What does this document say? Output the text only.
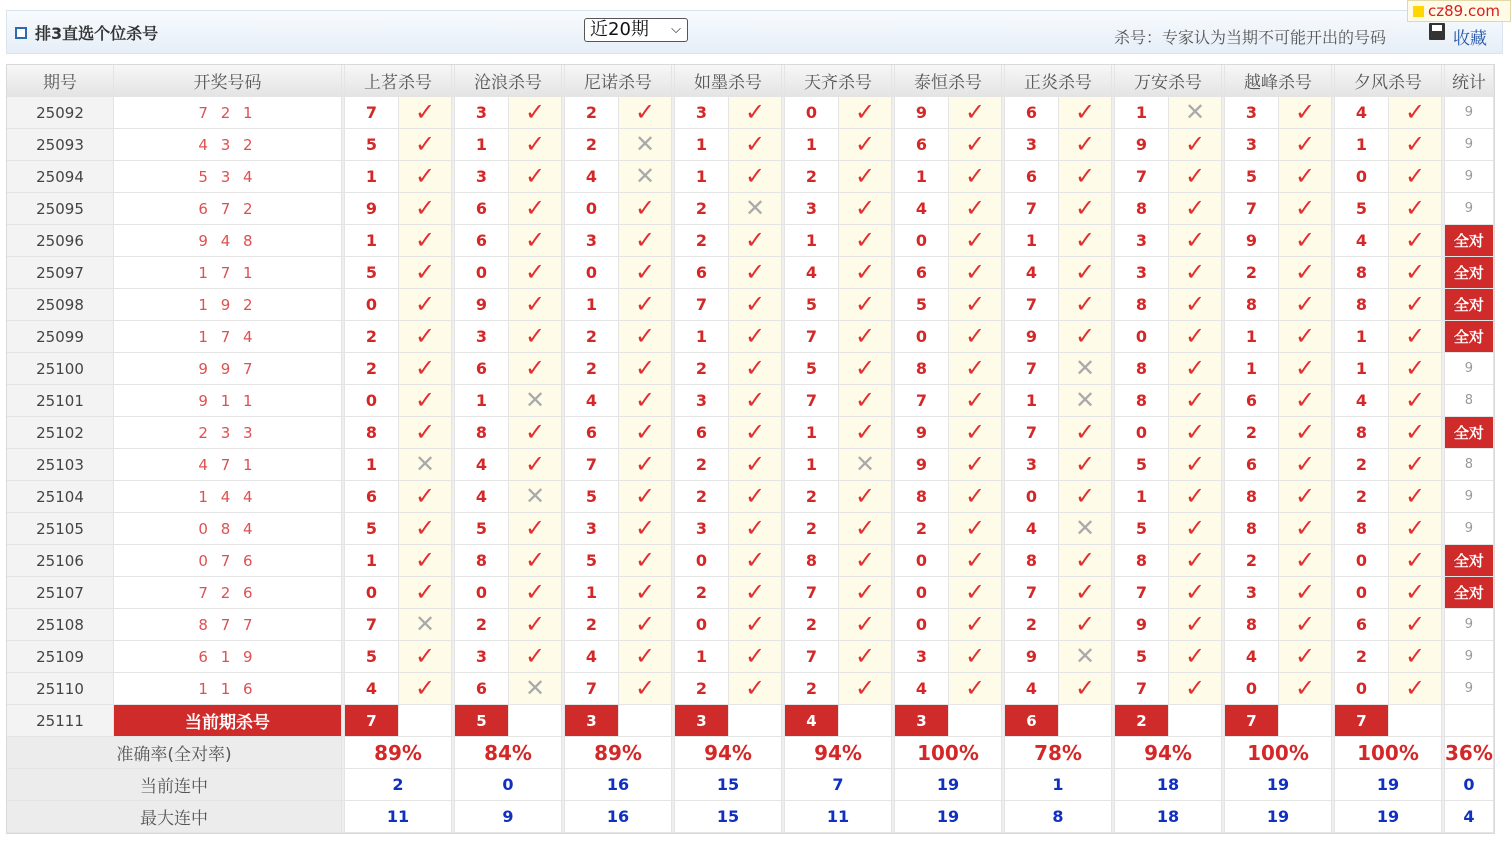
排3直选个位杀号	近20期 ⌵	杀号：专家认为当期不可能开出的号码	收藏
cz89.com
期号	开奖号码		上茗杀号			沧浪杀号			尼诺杀号			如墨杀号			天齐杀号			泰恒杀号			正炎杀号			万安杀号			越峰杀号			夕风杀号			统计
25092	7 2 1		7	✓		3	✓		2	✓		3	✓		0	✓		9	✓		6	✓		1	✕		3	✓		4	✓		9
25093	4 3 2		5	✓		1	✓		2	✕		1	✓		1	✓		6	✓		3	✓		9	✓		3	✓		1	✓		9
25094	5 3 4		1	✓		3	✓		4	✕		1	✓		2	✓		1	✓		6	✓		7	✓		5	✓		0	✓		9
25095	6 7 2		9	✓		6	✓		0	✓		2	✕		3	✓		4	✓		7	✓		8	✓		7	✓		5	✓		9
25096	9 4 8		1	✓		6	✓		3	✓		2	✓		1	✓		0	✓		1	✓		3	✓		9	✓		4	✓		全对
25097	1 7 1		5	✓		0	✓		0	✓		6	✓		4	✓		6	✓		4	✓		3	✓		2	✓		8	✓		全对
25098	1 9 2		0	✓		9	✓		1	✓		7	✓		5	✓		5	✓		7	✓		8	✓		8	✓		8	✓		全对
25099	1 7 4		2	✓		3	✓		2	✓		1	✓		7	✓		0	✓		9	✓		0	✓		1	✓		1	✓		全对
25100	9 9 7		2	✓		6	✓		2	✓		2	✓		5	✓		8	✓		7	✕		8	✓		1	✓		1	✓		9
25101	9 1 1		0	✓		1	✕		4	✓		3	✓		7	✓		7	✓		1	✕		8	✓		6	✓		4	✓		8
25102	2 3 3		8	✓		8	✓		6	✓		6	✓		1	✓		9	✓		7	✓		0	✓		2	✓		8	✓		全对
25103	4 7 1		1	✕		4	✓		7	✓		2	✓		1	✕		9	✓		3	✓		5	✓		6	✓		2	✓		8
25104	1 4 4		6	✓		4	✕		5	✓		2	✓		2	✓		8	✓		0	✓		1	✓		8	✓		2	✓		9
25105	0 8 4		5	✓		5	✓		3	✓		3	✓		2	✓		2	✓		4	✕		5	✓		8	✓		8	✓		9
25106	0 7 6		1	✓		8	✓		5	✓		0	✓		8	✓		0	✓		8	✓		8	✓		2	✓		0	✓		全对
25107	7 2 6		0	✓		0	✓		1	✓		2	✓		7	✓		0	✓		7	✓		7	✓		3	✓		0	✓		全对
25108	8 7 7		7	✕		2	✓		2	✓		0	✓		2	✓		0	✓		2	✓		9	✓		8	✓		6	✓		9
25109	6 1 9		5	✓		3	✓		4	✓		1	✓		7	✓		3	✓		9	✕		5	✓		4	✓		2	✓		9
25110	1 1 6		4	✓		6	✕		7	✓		2	✓		2	✓		4	✓		4	✓		7	✓		0	✓		0	✓		9
25111	当前期杀号		7			5			3			3			4			3			6			2			7			7			
准确率(全对率)			89%			84%			89%			94%			94%			100%			78%			94%			100%			100%			36%
当前连中			2			0			16			15			7			19			1			18			19			19			0
最大连中			11			9			16			15			11			19			8			18			19			19			4
